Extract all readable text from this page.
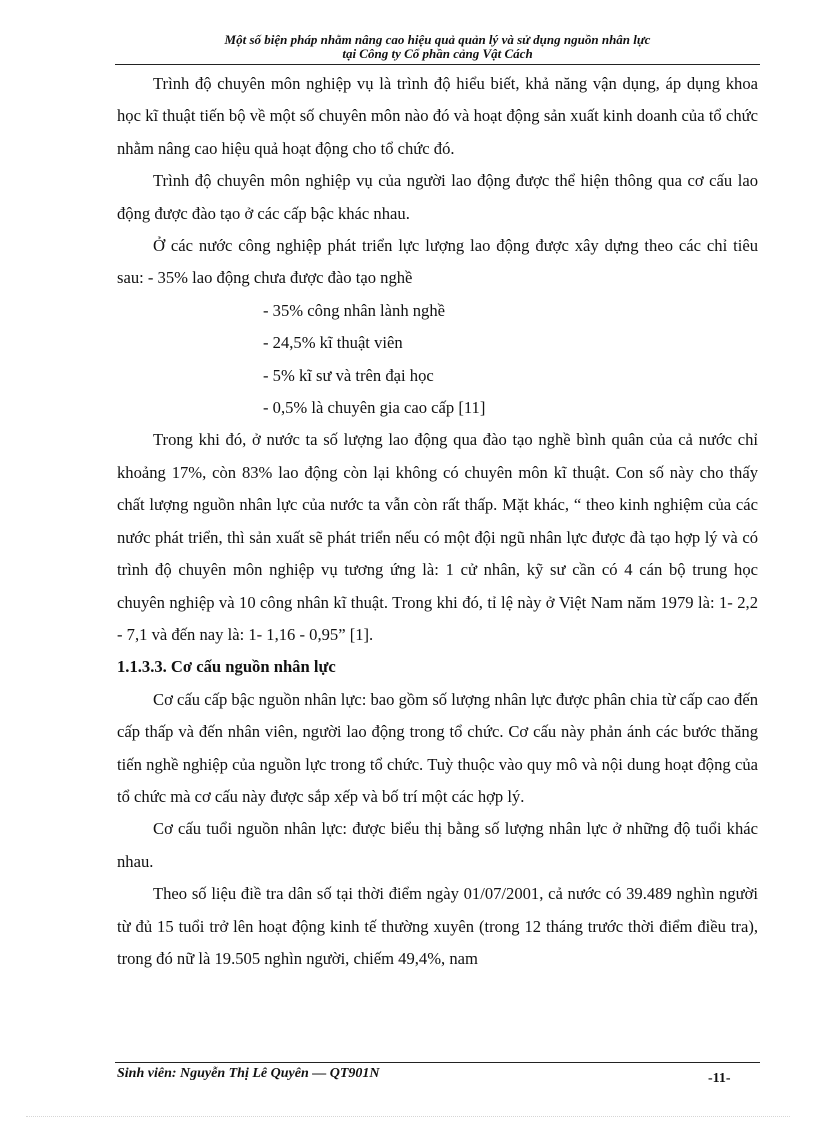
Một số biện pháp nhằm nâng cao hiệu quả quản lý và sử dụng nguồn nhân lực
tại Công ty Cổ phần cảng Vật Cách

Trình độ chuyên môn nghiệp vụ là trình độ hiểu biết, khả năng vận dụng, áp dụng khoa học kĩ thuật tiến bộ về một số chuyên môn nào đó và hoạt động sản xuất kinh doanh của tổ chức nhằm nâng cao hiệu quả hoạt động cho tổ chức đó.

Trình độ chuyên môn nghiệp vụ của người lao động được thể hiện thông qua cơ cấu lao động được đào tạo ở các cấp bậc khác nhau.

Ở các nước công nghiệp phát triển lực lượng lao động được xây dựng theo các chỉ tiêu sau: - 35% lao động chưa được đào tạo nghề

- 35% công nhân lành nghề
- 24,5% kĩ thuật viên
- 5% kĩ sư và trên đại học
- 0,5% là chuyên gia cao cấp [11]

Trong khi đó, ở nước ta số lượng lao động qua đào tạo nghề bình quân của cả nước chỉ khoảng 17%, còn 83% lao động còn lại không có chuyên môn kĩ thuật. Con số này cho thấy chất lượng nguồn nhân lực của nước ta vẫn còn rất thấp. Mặt khác, “ theo kinh nghiệm của các nước phát triển, thì sản xuất sẽ phát triển nếu có một đội ngũ nhân lực được đà tạo hợp lý và có trình độ chuyên môn nghiệp vụ tương ứng là: 1 cử nhân, kỹ sư cần có 4 cán bộ trung học chuyên nghiệp và 10 công nhân kĩ thuật. Trong khi đó, tỉ lệ này ở Việt Nam năm 1979 là: 1- 2,2 - 7,1 và đến nay là: 1- 1,16 - 0,95” [1].

1.1.3.3. Cơ cấu nguồn nhân lực

Cơ cấu cấp bậc nguồn nhân lực: bao gồm số lượng nhân lực được phân chia từ cấp cao đến cấp thấp và đến nhân viên, người lao động trong tổ chức. Cơ cấu này phản ánh các bước thăng tiến nghề nghiệp của nguồn lực trong tổ chức. Tuỳ thuộc vào quy mô và nội dung hoạt động của tổ chức mà cơ cấu này được sắp xếp và bố trí một các hợp lý.

Cơ cấu tuổi nguồn nhân lực: được biểu thị bằng số lượng nhân lực ở những độ tuổi khác nhau.

Theo số liệu điề tra dân số tại thời điểm ngày 01/07/2001, cả nước có 39.489 nghìn người từ đủ 15 tuổi trở lên hoạt động kinh tế thường xuyên (trong 12 tháng trước thời điểm điều tra), trong đó nữ là 19.505 nghìn người, chiếm 49,4%, nam

Sinh viên: Nguyễn Thị Lê Quyên — QT901N	-11-
